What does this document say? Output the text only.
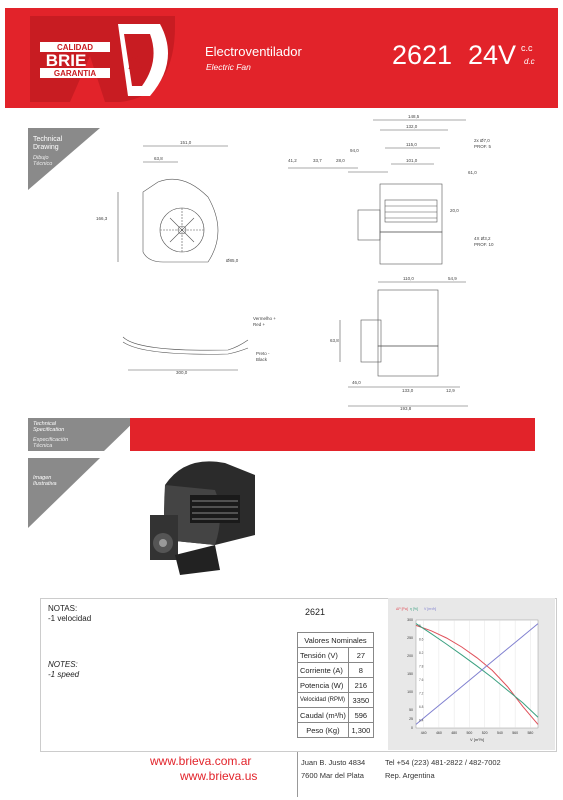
CALIDAD
BRIE
GARANTIA A
Electroventilador
Electric Fan	2621 24V c.c
d.c
Technical
Drawing
Dibujo
Técnico
151,0
63,8
166,3
Ø85,0
148,5
132,0
115,0
101,0
94,0
41,2	33,7	28,0
61,0
20,0
2x Ø7,0
PROF. 5
4X Ø3,2
PROF. 10
300,0
Vermelho +
Red +
Preto -
Black
110,0	54,9
63,8
46,0
133,0	12,9
193,8
Technical
Specification
Especificación
Técnica
Imagen
Ilustrativa
NOTAS:
-1 velocidad
NOTES:
-1 speed
2621
Valores Nominales	
Tensión (V)	27
Corriente (A)	8
Potencia (W)	216
Velocidad (RPM)	3350
Caudal (m³/h)	596
Peso (Kg)	1,300
ΔP [Pa] η [%] V [m³/h]
440	460	480	500	520	540	560	580
0
25
50
100
150
200
250
300
6.4
6.8
7.2
7.6
7.8
8.2
8.6
9
V [m³/h]
www.brieva.com.ar
www.brieva.us
Juan B. Justo 4834
7600 Mar del Plata
Tel +54 (223) 481-2822 / 482-7002
Rep. Argentina
